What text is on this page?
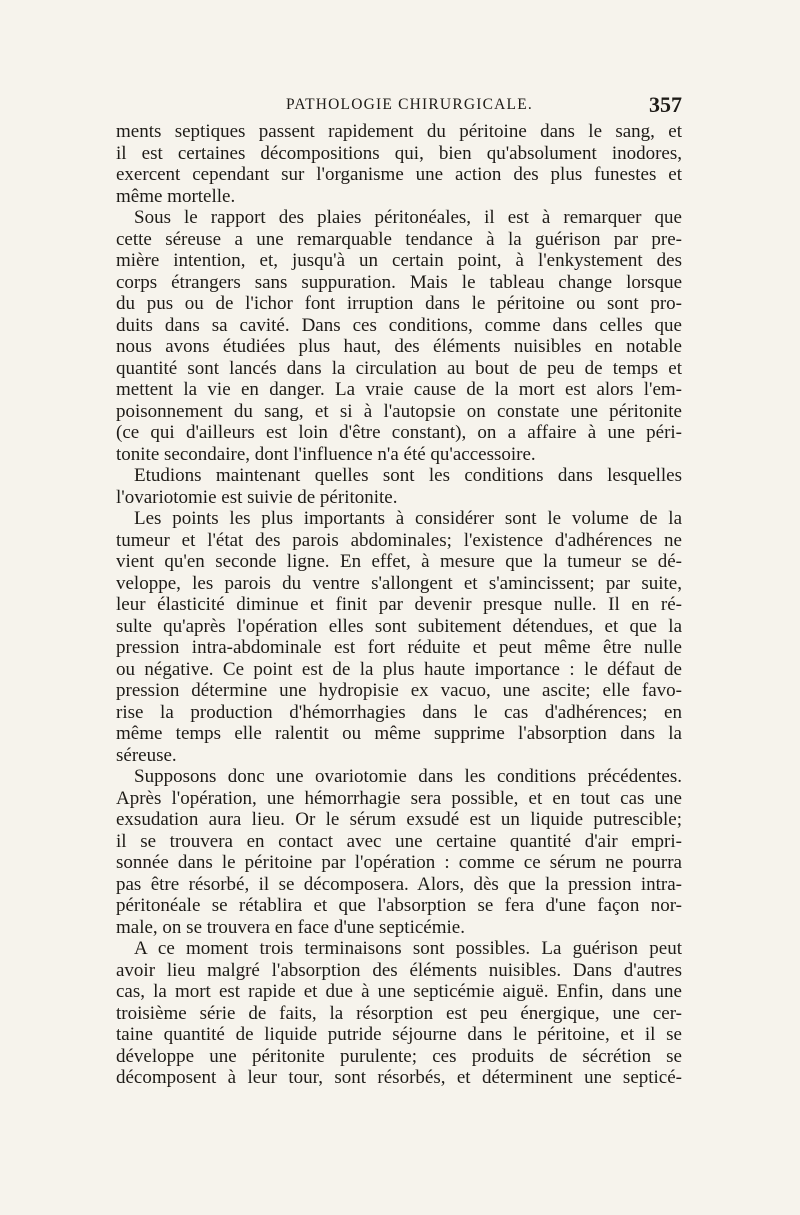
PATHOLOGIE CHIRURGICALE.	357
ments septiques passent rapidement du péritoine dans le sang, et
il est certaines décompositions qui, bien qu'absolument inodores,
exercent cependant sur l'organisme une action des plus funestes et
même mortelle.
Sous le rapport des plaies péritonéales, il est à remarquer que
cette séreuse a une remarquable tendance à la guérison par pre-
mière intention, et, jusqu'à un certain point, à l'enkystement des
corps étrangers sans suppuration. Mais le tableau change lorsque
du pus ou de l'ichor font irruption dans le péritoine ou sont pro-
duits dans sa cavité. Dans ces conditions, comme dans celles que
nous avons étudiées plus haut, des éléments nuisibles en notable
quantité sont lancés dans la circulation au bout de peu de temps et
mettent la vie en danger. La vraie cause de la mort est alors l'em-
poisonnement du sang, et si à l'autopsie on constate une péritonite
(ce qui d'ailleurs est loin d'être constant), on a affaire à une péri-
tonite secondaire, dont l'influence n'a été qu'accessoire.
Etudions maintenant quelles sont les conditions dans lesquelles
l'ovariotomie est suivie de péritonite.
Les points les plus importants à considérer sont le volume de la
tumeur et l'état des parois abdominales; l'existence d'adhérences ne
vient qu'en seconde ligne. En effet, à mesure que la tumeur se dé-
veloppe, les parois du ventre s'allongent et s'amincissent; par suite,
leur élasticité diminue et finit par devenir presque nulle. Il en ré-
sulte qu'après l'opération elles sont subitement détendues, et que la
pression intra-abdominale est fort réduite et peut même être nulle
ou négative. Ce point est de la plus haute importance : le défaut de
pression détermine une hydropisie ex vacuo, une ascite; elle favo-
rise la production d'hémorrhagies dans le cas d'adhérences; en
même temps elle ralentit ou même supprime l'absorption dans la
séreuse.
Supposons donc une ovariotomie dans les conditions précédentes.
Après l'opération, une hémorrhagie sera possible, et en tout cas une
exsudation aura lieu. Or le sérum exsudé est un liquide putrescible;
il se trouvera en contact avec une certaine quantité d'air empri-
sonnée dans le péritoine par l'opération : comme ce sérum ne pourra
pas être résorbé, il se décomposera. Alors, dès que la pression intra-
péritonéale se rétablira et que l'absorption se fera d'une façon nor-
male, on se trouvera en face d'une septicémie.
A ce moment trois terminaisons sont possibles. La guérison peut
avoir lieu malgré l'absorption des éléments nuisibles. Dans d'autres
cas, la mort est rapide et due à une septicémie aiguë. Enfin, dans une
troisième série de faits, la résorption est peu énergique, une cer-
taine quantité de liquide putride séjourne dans le péritoine, et il se
développe une péritonite purulente; ces produits de sécrétion se
décomposent à leur tour, sont résorbés, et déterminent une septicé-
